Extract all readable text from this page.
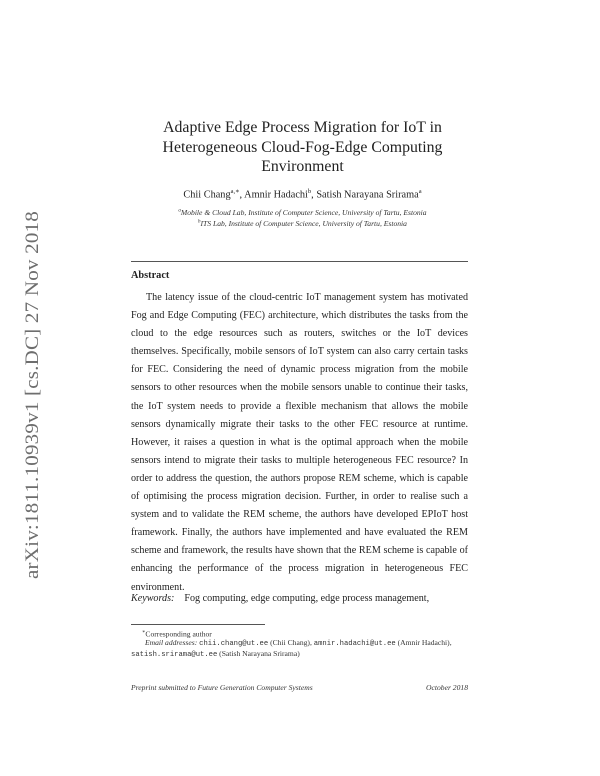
arXiv:1811.10939v1 [cs.DC] 27 Nov 2018
Adaptive Edge Process Migration for IoT in
Heterogeneous Cloud-Fog-Edge Computing
Environment
Chii Chang$^{a,∗}$, Amnir Hadachi$^b$, Satish Narayana Srirama$^a$
$^a$Mobile & Cloud Lab, Institute of Computer Science, University of Tartu, Estonia
$^b$ITS Lab, Institute of Computer Science, University of Tartu, Estonia
Abstract

The latency issue of the cloud-centric IoT management system has motivated Fog and Edge Computing (FEC) architecture, which distributes the tasks from the cloud to the edge resources such as routers, switches or the IoT devices themselves. Specifically, mobile sensors of IoT system can also carry certain tasks for FEC. Considering the need of dynamic process migration from the mobile sensors to other resources when the mobile sensors unable to continue their tasks, the IoT system needs to provide a flexible mechanism that allows the mobile sensors dynamically migrate their tasks to the other FEC resource at runtime. However, it raises a question in what is the optimal approach when the mobile sensors intend to migrate their tasks to multiple heterogeneous FEC resource? In order to address the question, the authors propose REM scheme, which is capable of optimising the process migration decision. Further, in order to realise such a system and to validate the REM scheme, the authors have developed EPIoT host framework. Finally, the authors have implemented and have evaluated the REM scheme and framework, the results have shown that the REM scheme is capable of enhancing the performance of the process migration in heterogeneous FEC environment.

Keywords: Fog computing, edge computing, edge process management,
∗Corresponding author
Email addresses: chii.chang@ut.ee (Chii Chang), amnir.hadachi@ut.ee (Amnir Hadachi), satish.srirama@ut.ee (Satish Narayana Srirama)
Preprint submitted to Future Generation Computer Systems	October 2018
